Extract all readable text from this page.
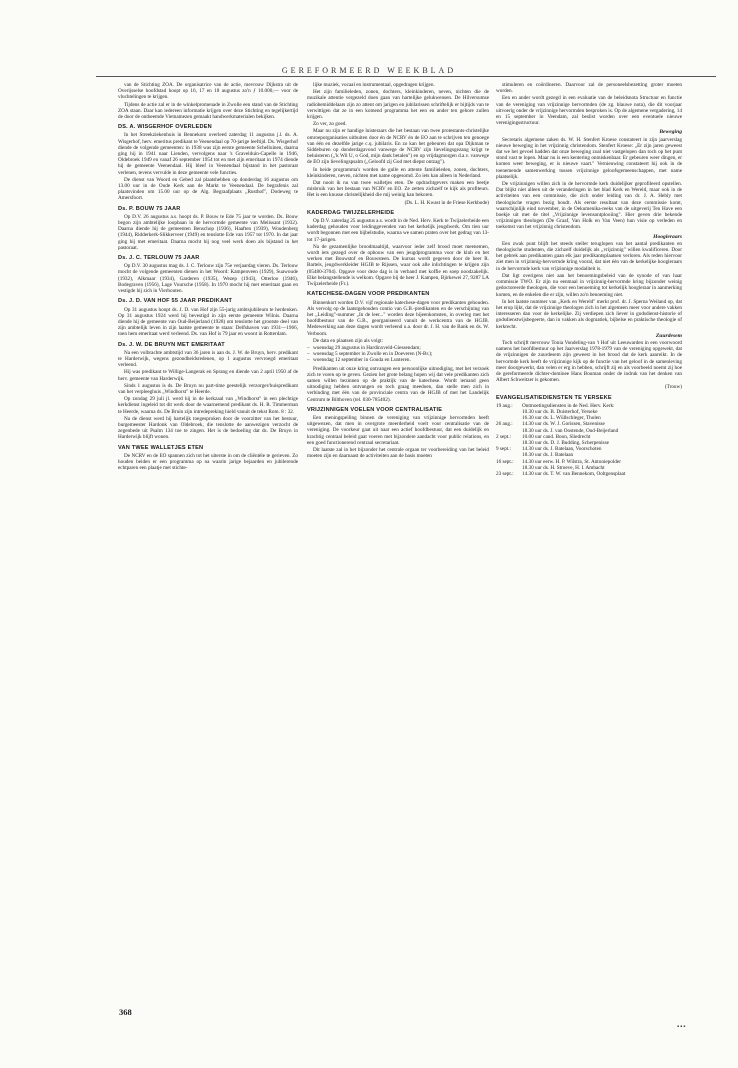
GEREFORMEERD WEEKBLAD

van de Stichting ZOA. De organisatrice van de actie, mevrouw Dijkstra uit de Overijsselse hoofdstad hoopt op 16, 17 en 18 augustus zo'n ƒ 10.000,— voor de vluchtelingen te krijgen.

Tijdens de actie zal er in de winkelpromenade in Zwolle een stand van de Stichting ZOA staan. Daar kan iedereen informatie krijgen over deze Stichting en tegelijkertijd de door de ontheemde Vietnamezen gemaakt handwerkmaterialen bekijken.

DS. A. WISGERHOF OVERLEDEN

In het Streekziekenhuis in Bennekom overleed zaterdag 11 augustus j.l. ds. A. Wisgerhof, herv. emeritus predikant te Veenendaal op 70-jarige leeftijd. Ds. Wisgerhof diende de volgende gemeenten: in 1938 was zijn eerste gemeente Schelluinen, daarna ging hij in 1941 naar Lienden, vervolgens naar 's Gravelduin-Capelle in 1946, Oldebroek 1949 en vanaf 26 september 1954 tot en met zijn emeritaat in 1974 diende hij de gemeente Veenendaal. Hij bleef in Veenendaal bijstand in het pastoraat verlenen, tevens vervulde in deze gemeente vele functies.

De dienst van Woord en Gebed zal plaatshebben op donderdag 16 augustus om 13.00 uur in de Oude Kerk aan de Markt te Veenendaal. De begrafenis zal plaatsvinden om 15.00 uur op de Alg. Begraafplaats „Rusthof", Dodeweg te Amersfoort.

Ds. P. BOUW 75 JAAR

Op D.V. 26 augustus a.s. hoopt ds. P. Bouw te Ede 75 jaar te worden. Ds. Bouw begon zijn ambtelijke loopbaan in de hervormde gemeente van Melissant (1932). Daarna diende hij de gemeenten Benschop (1936), Haaften (1939), Woudenberg (1944), Ridderkerk-Slikkerveer (1949) en tenslotte Ede van 1957 tot 1970. In dat jaar ging hij met emeritaat. Daarna mocht hij nog veel werk doen als bijstand in het pastoraat.

Ds. J. C. TERLOUW 75 JAAR

Op D.V. 30 augustus mag ds. J. C. Terlouw zijn 75e verjaardag vieren. Ds. Terlouw mocht de volgende gemeenten dienen in het Woord: Kampenveen (1929), Suawoude (1932), Alkmaar (1934), Garderen (1935), Wezep (1943), Otterloo (1946), Bodegraven (1956), Lage Vuursche (1958). In 1970 mocht hij met emeritaat gaan en vestigde hij zich in Vierhouten.

Ds. J. D. VAN HOF 55 JAAR PREDIKANT

Op 31 augustus hoopt ds. J. D. van Hof zijn 55-jarig ambtsjubileum te herdenken. Op 31 augustus 1924 werd hij bevestigd in zijn eerste gemeente Wilnis. Daarna diende hij de gemeente van Oud-Beijerland (1928) om tenslotte het grootste deel van zijn ambtelijk leven in zijn laatste gemeente te staan: Delfshaven van 1931—1966, toen hem emeritaat werd verleend. Ds. van Hof is 79 jaar en woont in Rotterdam.

Ds. J. W. DE BRUYN MET EMERITAAT

Na een volbrachte ambtstijd van 36 jaren is aan ds. J. W. de Bruyn, herv. predikant te Harderwijk, wegens gezondheidsredenen, op 1 augustus vervroegd emeritaat verleend.

Hij was predikant te Willige-Langerak en Sprang en diende van 2 april 1950 af de herv. gemeente van Harderwijk.

Sinds 1 augustus is ds. De Bruyn nu part-time geestelijk verzorger/huispredikant van het verpleeghuis „Windhorst" te Heerde.

Op zondag 29 juli jl. werd hij in de kerkzaal van „Windhorst" in een plechtige kerkdienst ingeleid tot dit werk door de waarnemend predikant ds. H. R. Timmerman te Heerde, waarna ds. De Bruin zijn intredepreking hield vanuit de tekst Rom. 8 : 32.

Na de dienst werd hij hartelijk toegesproken door de voorzitter van het bestuur, burgemeester Hardonk van Oldebroek, die tenslotte de aanwezigen verzocht de zegenbede uit Psalm 134 toe te zingen. Het is de bedoeling dat ds. De Bruyn in Harderwijk blijft wonen.

VAN TWEE WALLETJES ETEN

De NCRV en de EO spannen zich tot het uiterste in om de cliëntèle te gerieven. Zo houden beiden er een programma op na waarin jarige bejaarden en jubilerende echtparen een plaatje met stichte-

lijke muziek, vocaal en instrumentaal, opgedragen krijgen.

Het zijn familieleden, zonen, dochters, kleinkinderen, neven, nichten die de muzikale attentie vergezeld doen gaan van hartelijke gelukwensen. De Hilversumse radiobemiddelaars zijn zo attent om jarigen en jubilarissen schriftelijk er bijtijds van te verwittigen dat ze in een komend programma het een en ander ten gehore zullen krijgen.

Zo ver, zo goed.

Maar nu zijn er handige luisteraars die het bestaan van twee protestants-christelijke omroeporganisaties uitbuiten door én de NCRV én de EO aan te schrijven ten genoege van één en dezelfde jarige c.q. jubilaris. En zo kan het gebeuren dat opa Dijkman te Siddeburen op donderdagavond vanwege de NCRV zijn lievelingsgezang krijgt te beluisteren („'k Wil U, o God, mijn dank betalen") en op vrijdagmorgen d.a.v. vanwege de EO zijn lievelingspsalm („Geloofd zij God met diepst ontzag").

In beide programma's worden de gulle en attente familieleden, zonen, dochters, kleinkinderen, neven, nichten met name opgesomd. Zo iets kan alleen in Nederland.

Dat nooit ik nu van twee walletjes eten. De opdrachtgevers maken een beetje misbruik van het bestaan van NCRV en EO. Ze zetten zichzelf te kijk als profiteurs. Het is een knusse christelijkheid die mij weinig kan bekoren.

(Ds. L. H. Kwast in de Friese Kerkbode)
KADERDAG TWIJZELERHEIDE

Op D.V. zaterdag 25 augustus a.s. wordt in de Ned. Herv. Kerk te Twijzelerheide een kaderdag gehouden voor leidinggevenden van het kerkelijk jeugdwerk. Om tien uur wordt begonnen met een bijbelstudie, waarna we samen praten over het gedrag van 13- tot 17-jarigen.

Na de gezamenlijke broodmaaltijd, waarvoor ieder zelf brood moet meenemen, wordt iets gezegd over de opbouw van een jeugdprogramma voor de klub en het werken met Bouwstof en Bouwsteen. De kursus wordt gegeven door de heer R. Bartels, jeugdwerkleider HGJB te Rijssen, waar ook alle inlichtingen te krijgen zijn (05480-3704). Opgave voor deze dag is in verband met koffie en soep noodzakelijk. Elke belangstellende is welkom. Opgave bij de heer J. Kampen, Bjirkewei 27, 9287 LA Twijzelerheide (Fr.).

KATECHESE-DAGEN VOOR PREDIKANTEN

Binnenkort worden D.V. vijf regionale katechese-dagen voor predikanten gehouden. Als vervolg op de laatstgehouden contio van G.B.-predikanten en de verschijning van het „Leiding"-nummer „In de leer..." worden deze bijeenkomsten, in overleg met het hoofdbestuur van de G.B., georganiseerd vanuit de werkcentra van de HGJB. Medewerking aan deze dagen wordt verleend o.a. door dr. J. H. van de Bank en ds. W. Verboom.

De data en plaatsen zijn als volgt:

– woensdag 29 augustus in Hardinxveld-Giessendam;
– woensdag 5 september in Zwolle en in Doeveren (N-Br.);
– woensdag 12 september in Gouda en Lunteren.

Predikanten uit onze kring ontvangen een persoonlijke uitnodiging, met het verzoek zich te voren op te geven. Gezien het grote belang hopen wij dat vele predikanten zich samen willen bezinnen op de praktijk van de katechese. Wordt iemand geen uitnodiging hebben ontvangen en toch graag meedoen, dan stelle men zich in verbinding met één van de provinciale centra van de HGJB of met het Landelijk Centrum te Bilthoven (tel. 030-785402).

VRIJZINNIGEN VOELEN VOOR CENTRALISATIE

Een meningspeiling binnen de vereniging van vrijzinnige hervormden heeft uitgewezen, dat men in overgrote meerderheid voelt voor centralisatie van de vereniging. De voorkeur gaat uit naar een actief hoofdbestuur, dat een duidelijk en krachtig centraal beleid gaat voeren met bijzondere aandacht voor public relations, en een goed functionerend centraal secretariaat.

Dit laatste zal in het bijzonder het centrale orgaan ter voorbereiding van het beleid moeten zijn en daarnaast de activiteiten aan de basis moeten

stimuleren en coördineren. Daarvoor zal de personeelsbezetting groter moeten worden.

Een en ander wordt gezegd in een evaluatie van de beleidsnota Structuur en functie van de vereniging van vrijzinnige hervormden (de zg. blauwe nota), die dit voorjaar uitvoerig onder de vrijzinnige hervormden besproken is. Op de algemene vergadering, 14 en 15 september in Veendam, zal beslist worden over een eventuele nieuwe verenigingsstructuur.

Beweging

Secretaris algemene zaken ds. W. H. Stenfert Kroese constateert in zijn jaarverslag nieuwe beweging in het vrijzinnig christendom. Stenfert Kroese: „Er zijn jaren geweest dat we het gevoel hadden dat onze beweging zoal niet vastgelopen dan toch op het punt stond vast te lopen. Maar nu is een kentering onmiskenbaar. Er gebeuren weer dingen, er komen weer beweging, er is nieuwe vaart." Vernieuwing constateert hij ook in de toenemende samenwerking tussen vrijzinnige geloofsgemeenschappen, met name plaatselijk.

De vrijzinnigen willen zich in de hervormde kerk duidelijker geprofileerd opstellen. Dat blijkt niet alleen uit de veranderingen in het blad Kerk en Wereld, maar ook in de activiteiten van een commissie, die zich onder leiding van dr. J. A. Hebly met theologische vragen bezig houdt. Als eerste resultaat van deze commissie komt, waarschijnlijk eind november, in de Oekumenika-reeks van de uitgeverij Ten Have een boekje uit met de titel „Vrijzinnige levensontplooiing". Hier geven drie bekende vrijzinnigen theologen (De Graaf, Van Holk en Van Veen) hun visie op verleden en toekomst van het vrijzinnig christendom.

Hoogleraars

Een zwak punt blijft het steeds steller teruglopen van het aantal predikanten en theologische studenten, die zichzelf duidelijk als „vrijzinnig" willen kwalificeren. Door het gebrek aan predikanten gaan elk jaar predikantsplaatsen verloren. Als reden hiervoor ziet men in vrijzinnig-hervormde kring vooral, dat niet één van de kerkelijke hoogleraars in de hervormde kerk van vrijzinnige modaliteit is.

Dat ligt overigens niet aan het benoemingsbeleid van de synode of van haar commissie TWO. Er zijn nu eenmaal in vrijzinnig-hervormde kring bijzonder weinig gedoctoreerde theologen, die voor een benoeming tot kerkelijk hoogleraar in aanmerking komen, en de enkelen die er zijn, willen zo'n benoeming niet.

In het laatste nummer van „Kerk en Wereld" merkt prof. dr. J. Sperna Weiland op, dat het erop lijkt, dat de vrijzinnige theologen zich in het algemeen meer voor andere vakken interesseren dan voor de kerkelijke. Zij verdiepen zich liever in godsdienst-historie of godsdienstwijsbegeerte, dan in vakken als dogmatiek, bijbelse en praktische theologie of kerkrecht.

Zuurdesem

Toch schrijft mevrouw Tonia Vondeling-van 't Hof uit Leeuwarden in een voorwoord namens het hoofdbestuur op het Jaarverslag 1978-1979 van de vereniging opgewekt, dat de vrijzinnigen de zuurdesem zijn geweest in het brood dat de kerk aanreikt. In de hervormde kerk heeft de vrijzinnige kijk op de functie van het geloof in de samenleving meer doorgewerkt, dan velen er erg in hebben, schrijft zij en als voorbeeld noemt zij hoe de gereformeerde dichter-dominee Hans Bouman onder de indruk van het denken van Albert Schweitzer is gekomen.

(Trouw)
EVANGELISATIEDIENSTEN TE YERSEKE
19 aug.:	Ontmoetingsdiensten in de Ned. Herv. Kerk:
	10.30 uur ds. B. Duisterhof, Yerseke
	16.30 uur ds. L. Wüllschleger, Tholen
26 aug.:	14.30 uur ds. W. J. Gorissen, Stavenisse
	18.30 uur ds. J. van Oostende, Oud-Beijerland
2 sept.:	10.00 uur cand. Boon, Sliedrecht
	18.30 uur ds. D. J. Budding, Scherpenisse
9 sept.:	14.30 uur ds. J. Batelaan, Voorschoten
	18.30 uur ds. J. Batelaan
16 sept.:	14.30 uur eerw. H. P. Wilstra, St. Antoniepolder
	18.30 uur ds. H. Stroeve, H. I. Ambacht
23 sept.:	14.30 uur ds. T. W. van Bennekom, Ooltgensplaat
368
▪▪▪
